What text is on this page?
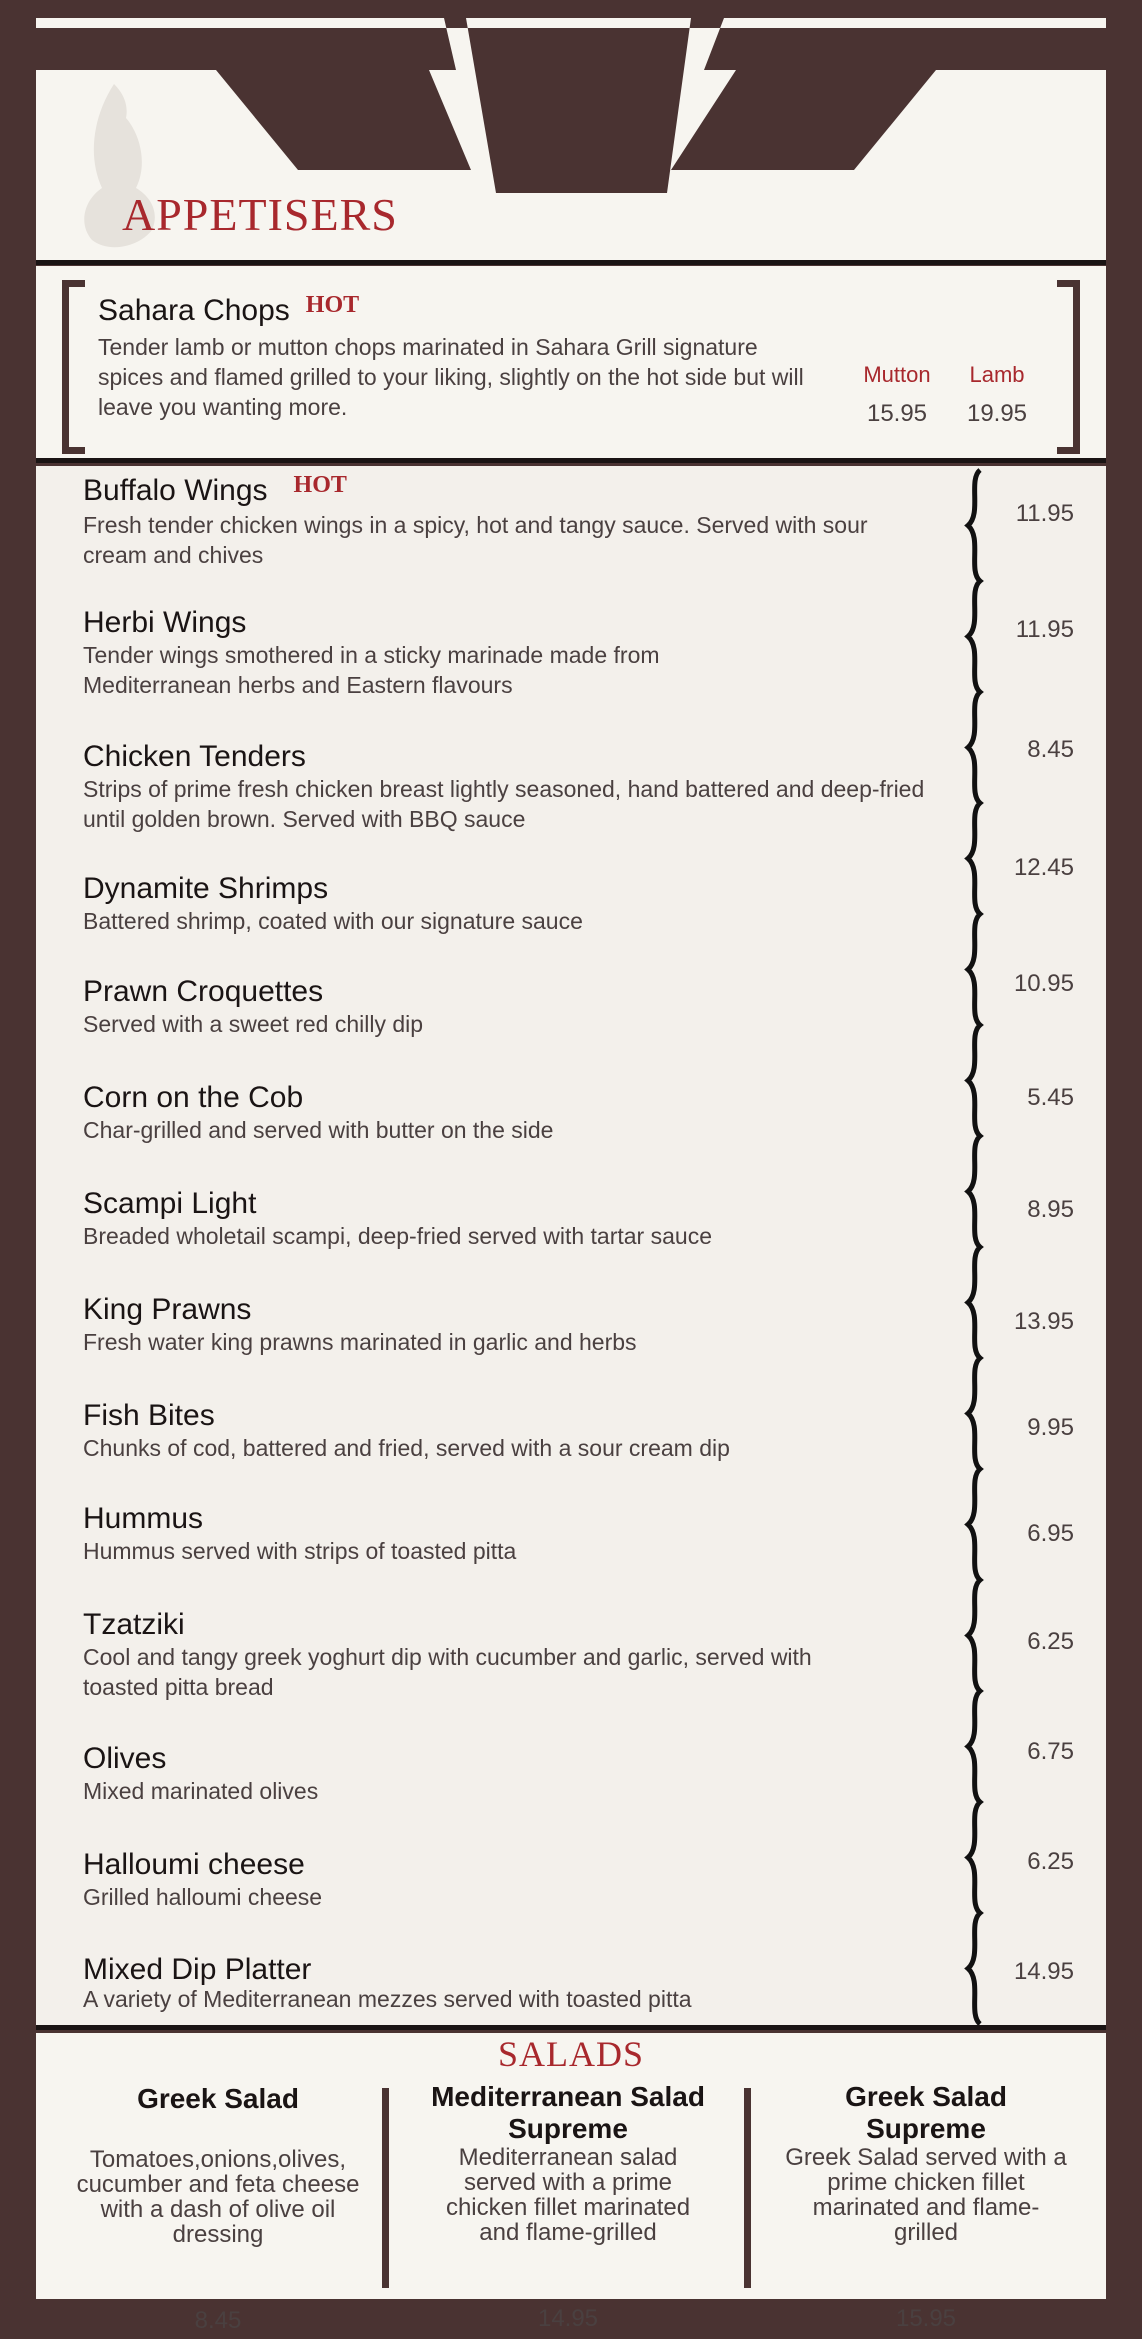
APPETISERS
Sahara Chops $^{HOT}$
Tender lamb or mutton chops marinated in Sahara Grill signature spices and flamed grilled to your liking, slightly on the hot side but will leave you wanting more.
Mutton
15.95
Lamb
19.95
Buffalo Wings $^{HOT}$
Fresh tender chicken wings in a spicy, hot and tangy sauce. Served with sour cream and chives
11.95
Herbi Wings
Tender wings smothered in a sticky marinade made from Mediterranean herbs and Eastern flavours
11.95
Chicken Tenders
Strips of prime fresh chicken breast lightly seasoned, hand battered and deep-fried until golden brown. Served with BBQ sauce
8.45
Dynamite Shrimps
Battered shrimp, coated with our signature sauce
12.45
Prawn Croquettes
Served with a sweet red chilly dip
10.95
Corn on the Cob
Char-grilled and served with butter on the side
5.45
Scampi Light
Breaded wholetail scampi, deep-fried served with tartar sauce
8.95
King Prawns
Fresh water king prawns marinated in garlic and herbs
13.95
Fish Bites
Chunks of cod, battered and fried, served with a sour cream dip
9.95
Hummus
Hummus served with strips of toasted pitta
6.95
Tzatziki
Cool and tangy greek yoghurt dip with cucumber and garlic, served with toasted pitta bread
6.25
Olives
Mixed marinated olives
6.75
Halloumi cheese
Grilled halloumi cheese
6.25
Mixed Dip Platter
A variety of Mediterranean mezzes served with toasted pitta
14.95
SALADS
Greek Salad
Tomatoes,onions,olives, cucumber and feta cheese with a dash of olive oil dressing
8.45
Mediterranean Salad Supreme
Mediterranean salad served with a prime chicken fillet marinated and flame-grilled
14.95
Greek Salad Supreme
Greek Salad served with a prime chicken fillet marinated and flame-grilled
15.95
